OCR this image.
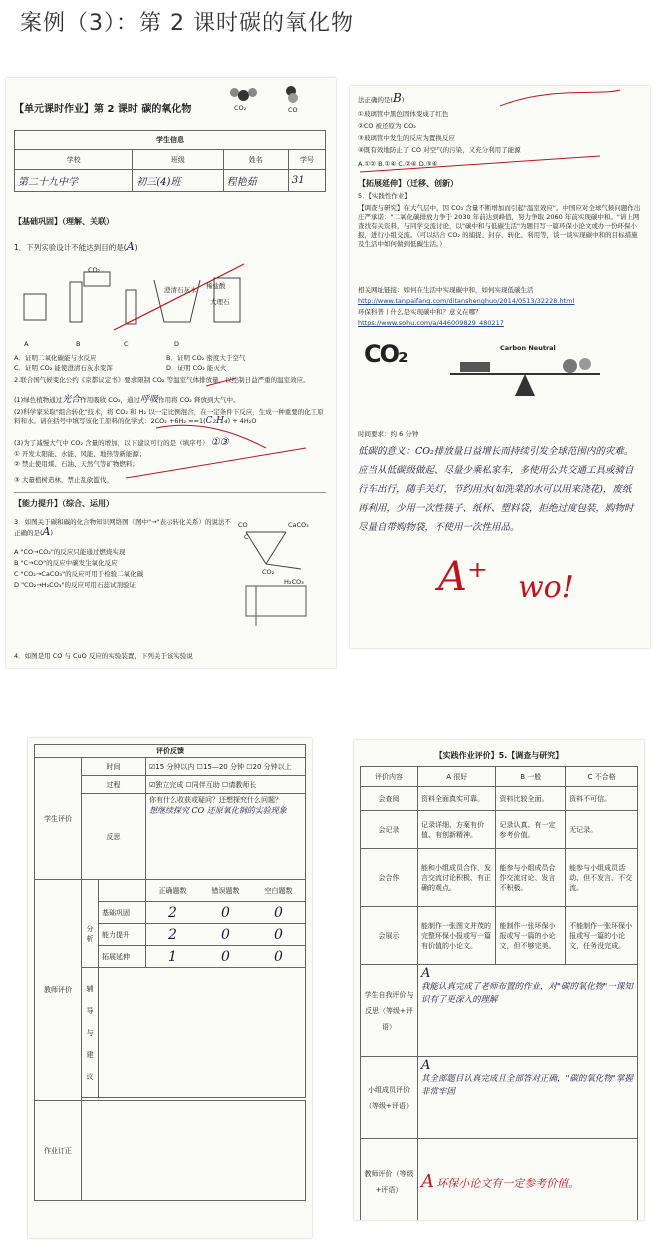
案例（3）：第 2 课时碳的氧化物
【单元课时作业】第 2 课时 碳的氧化物	CO₂	CO
学生信息			
学校	班级	姓名	学号
第二十九中学	初三(4)班	程艳茹	31
【基础巩固】（理解、关联）
1．下列实验设计不能达到目的是(A)
CO₂
澄清石灰水 稀盐酸
大理石
A	B	C	D
A．证明二氧化碳能与水反应	B．证明 CO₂ 密度大于空气
C．证明 CO₂ 能使澄清石灰水变浑	D．证明 CO₂ 能灭火
2.联合国气候变化公约《京都议定书》要求限制 CO₂ 等温室气体排放量，以控制日益严重的温室效应。
(1)绿色植物通过光合作用吸收 CO₂，通过呼吸作用将 CO₂ 释放到大气中。
(2)科学家采取"组合转化"技术，将 CO₂ 和 H₂ 以一定比例混合，在一定条件下反应，生成一种重要的化工原料和水。请在括号中填写该化工原料的化学式：2CO₂ +6H₂ ==1(C₂H₄) + 4H₂O
(3)为了减慢大气中 CO₂ 含量的增加，以下建议可行的是（填序号） ①③
① 开发太阳能、水能、风能、地热等新能源；
② 禁止使用煤、石油、天然气等矿物燃料；
③ 大量植树造林，禁止乱砍滥伐。
【能力提升】（综合、运用）
3．如图关于碳和碳的化合物知识网络图（图中"→"表示转化关系）的说法不正确的是(A)
A "CO→CO₂"的反应只能通过燃烧实现
B "C→CO"的反应中碳发生氧化反应
C "CO₂→CaCO₃"的反应可用于检验二氧化碳
D "CO₂→H₂CO₃"的反应可用石蕊试剂验证
CO	CaCO₃
C
CO₂
H₂CO₃
4．如图是用 CO 与 CuO 反应的实验装置，下列关于该实验说
法正确的是(B)
①玻璃管中黑色固体变成了红色
②CO 被还原为 CO₂
③玻璃管中发生的反应为置换反应
④既有效地防止了 CO 对空气的污染，又充分利用了能源
A.①② B.①④ C.②④ D.③④
【拓展延伸】（迁移、创新）
5．【实践性作业】
【调查与研究】在大气层中，因 CO₂ 含量不断增加而引起"温室效应"。中国应对全球气候问题作出庄严承诺："二氧化碳排放力争于 2030 年前达到峰值，努力争取 2060 年前实现碳中和。"请上网查找有关资料，与同学交流讨论，以"碳中和与低碳生活"为题目写一篇环保小论文或办一份环保小报，进行小组交流。（可以结合 CO₂ 的捕捉、封存、转化、利用等，谈一谈实现碳中和的目标措施及生活中如何做到低碳生活。）
相关网址链接：如何在生活中实现碳中和，如何实现低碳生活
http://www.tanpaifang.com/ditanshenghuo/2014/0513/32228.html
环保科普丨什么是实现碳中和？意义在哪？
https://www.sohu.com/a/446009829_480217
CO₂	Carbon Neutral
时间要求：约 6 分钟
低碳的意义：CO₂排放量日益增长而持续引发全球范围内的灾难。应当从低碳级做起、尽量少乘私家车，多使用公共交通工具或骑自行车出行，随手关灯，节约用水(如洗菜的水可以用来浇花)，废纸再利用，少用一次性筷子、纸杯、塑料袋，拒绝过度包装，购物时尽量自带购物袋，不使用一次性用品。
A⁺ wo!
评价反馈			
学生评价	时间		☑15 分钟以内 ☐15—20 分钟 ☐20 分钟以上
	过程		☑独立完成 ☐同伴互助 ☐请教师长
	反思		你有什么收获或疑问？还想探究什么问题？
想继续探究 CO 还原氧化铜的实验现象

教师评价			正确题数 错误题数 空白题数

	分析	基础巩固	2 0 0

		能力提升	2 0 0

		拓展延伸	1 0 0

	辅
导
与
建
议		

作业订正			
【实践作业评价】5.【调查与研究】
评价内容	A 很好	B 一般	C 不合格
会查阅	资料全面真实可靠。	资料比较全面。	资料不可信。
会记录	记录详细、方案有价值、有创新精神。	记录认真、有一定参考价值。	无记录。
会合作	能和小组成员合作，发言交流讨论积极、有正确的观点。	能参与小组成员合作交流讨论、发言不积极。	能参与小组成员活动、但不发言、不交流。
会展示	能制作一张图文并茂的完整环保小报或写一篇有价值的小论文。	能制作一张环保小报或写一篇的小论文，但不够完美。	不能制作一张环保小报或写一篇的小论文，任务没完成。
学生自我评价与反思（等级+评语）	A
我能认真完成了老师布置的作业，对"碳的氧化物"一课知识有了更深入的理解		

小组成员评价（等级+评语）	A
其全部题目认真完成且全部答对正确，"碳的氧化物"掌握非常牢固		

教师评价（等级+评语）	A 环保小论文有一定参考价值。		
